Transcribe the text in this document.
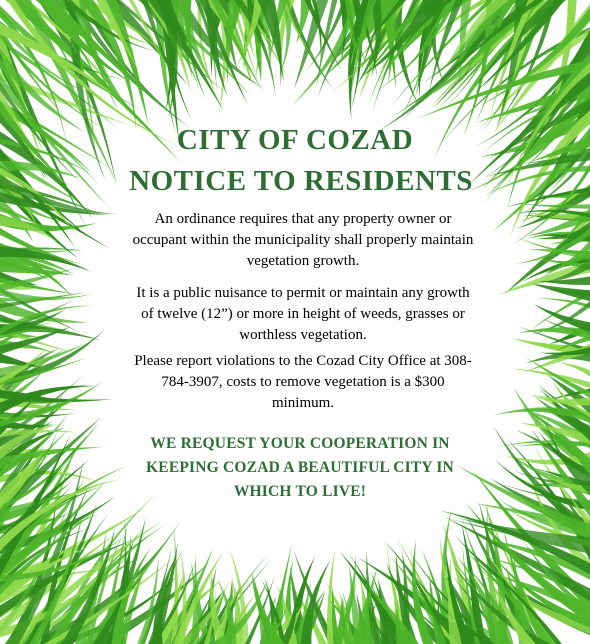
CITY OF COZAD
NOTICE TO RESIDENTS

An ordinance requires that any property owner or occupant within the municipality shall properly maintain vegetation growth.

It is a public nuisance to permit or maintain any growth of twelve (12”) or more in height of weeds, grasses or worthless vegetation.

Please report violations to the Cozad City Office at 308-784-3907, costs to remove vegetation is a $300 minimum.

WE REQUEST YOUR COOPERATION IN
KEEPING COZAD A BEAUTIFUL CITY IN
WHICH TO LIVE!
